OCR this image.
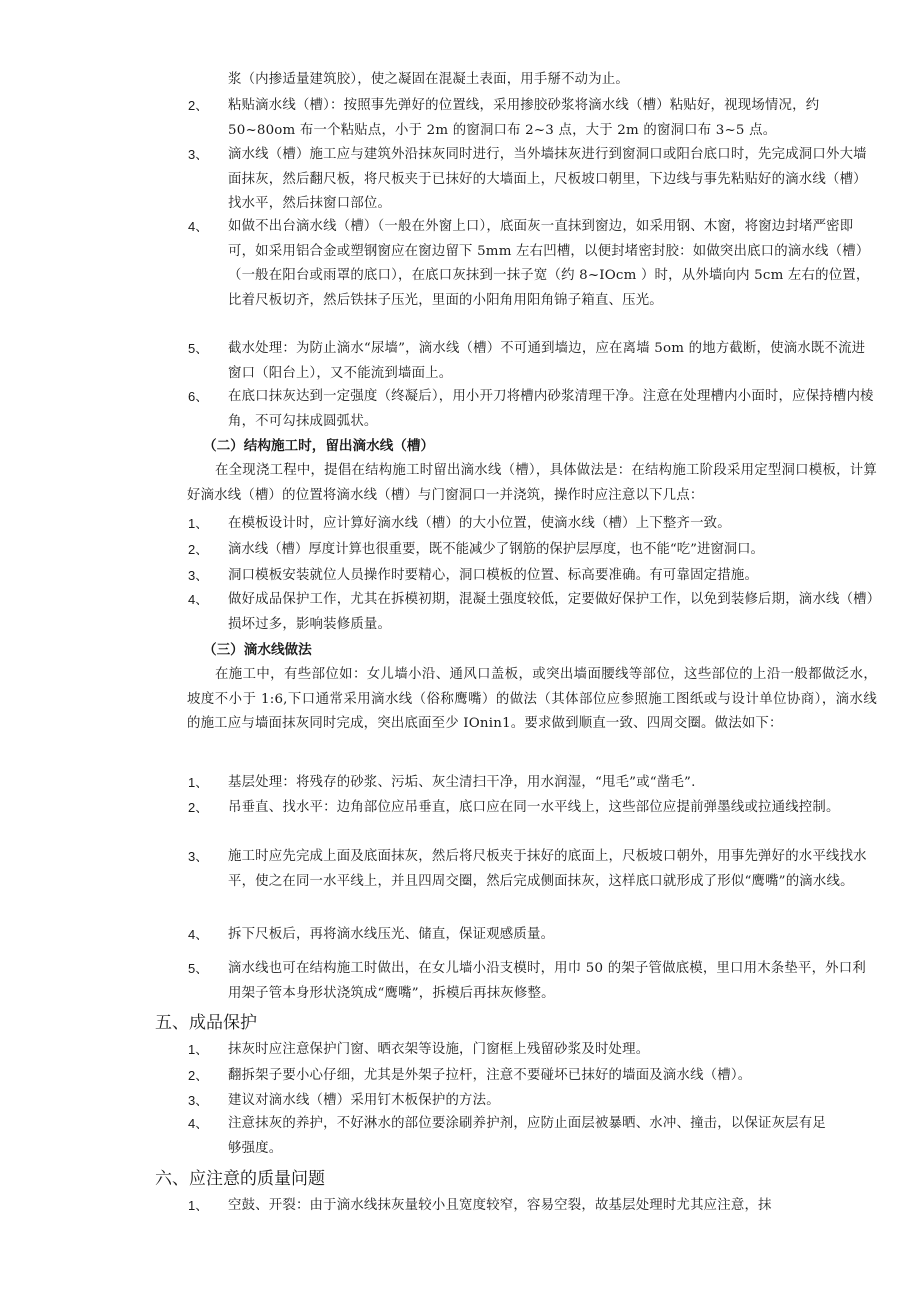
浆（内掺适量建筑胶），使之凝固在混凝土表面，用手掰不动为止。
2、 粘贴滴水线（槽）：按照事先弹好的位置线，采用掺胶砂浆将滴水线（槽）粘贴好，视现场情况，约 50~80om 布一个粘贴点，小于 2m 的窗洞口布 2~3 点，大于 2m 的窗洞口布 3~5 点。
3、 滴水线（槽）施工应与建筑外沿抹灰同时进行，当外墙抹灰进行到窗洞口或阳台底口时，先完成洞口外大墙面抹灰，然后翻尺板，将尺板夹于已抹好的大墙面上，尺板坡口朝里，下边线与事先粘贴好的滴水线（槽）找水平，然后抹窗口部位。
4、 如做不出台滴水线（槽）（一般在外窗上口），底面灰一直抹到窗边，如采用钢、木窗，将窗边封堵严密即可，如采用铝合金或塑钢窗应在窗边留下 5mm 左右凹槽，以便封堵密封胶：如做突出底口的滴水线（槽）（一般在阳台或雨罩的底口），在底口灰抹到一抹子宽（约 8~IOcm ）时，从外墙向内 5cm 左右的位置，比着尺板切齐，然后铁抹子压光，里面的小阳角用阳角锦子箱直、压光。
5、 截水处理：为防止滴水“尿墙”，滴水线（槽）不可通到墙边，应在离墙 5om 的地方截断，使滴水既不流进窗口（阳台上），又不能流到墙面上。
6、 在底口抹灰达到一定强度（终凝后），用小开刀将槽内砂浆清理干净。注意在处理槽内小面时，应保持槽内棱角，不可勾抹成圆弧状。
（二）结构施工时，留出滴水线（槽）
在全现浇工程中，提倡在结构施工时留出滴水线（槽），具体做法是：在结构施工阶段采用定型洞口模板，计算好滴水线（槽）的位置将滴水线（槽）与门窗洞口一并浇筑，操作时应注意以下几点：
1、 在模板设计时，应计算好滴水线（槽）的大小位置，使滴水线（槽）上下整齐一致。
2、 滴水线（槽）厚度计算也很重要，既不能减少了钢筋的保护层厚度，也不能“吃”进窗洞口。
3、 洞口模板安装就位人员操作时要精心，洞口模板的位置、标高要准确。有可靠固定措施。
4、 做好成品保护工作，尤其在拆模初期，混凝土强度较低，定要做好保护工作，以免到装修后期，滴水线（槽）损坏过多，影响装修质量。
（三）滴水线做法
在施工中，有些部位如：女儿墙小沿、通风口盖板，或突出墙面腰线等部位，这些部位的上沿一般都做泛水，坡度不小于 1:6,下口通常采用滴水线（俗称鹰嘴）的做法（其体部位应参照施工图纸或与设计单位协商），滴水线的施工应与墙面抹灰同时完成，突出底面至少 IOnin1。要求做到顺直一致、四周交圈。做法如下：
1、 基层处理：将残存的砂浆、污垢、灰尘清扫干净，用水润湿，“甩毛”或“凿毛”.
2、 吊垂直、找水平：边角部位应吊垂直，底口应在同一水平线上，这些部位应提前弹墨线或拉通线控制。
3、 施工时应先完成上面及底面抹灰，然后将尺板夹于抹好的底面上，尺板坡口朝外，用事先弹好的水平线找水平，使之在同一水平线上，并且四周交圈，然后完成侧面抹灰，这样底口就形成了形似“鹰嘴”的滴水线。
4、 拆下尺板后，再将滴水线压光、储直，保证观感质量。
5、 滴水线也可在结构施工时做出，在女儿墙小沿支模时，用巾 50 的架子管做底模，里口用木条垫平，外口利用架子管本身形状浇筑成“鹰嘴”，拆模后再抹灰修整。
五、成品保护
1、 抹灰时应注意保护门窗、晒衣架等设施，门窗框上残留砂浆及时处理。
2、 翻拆架子要小心仔细，尤其是外架子拉杆，注意不要碰坏已抹好的墙面及滴水线（槽）。
3、 建议对滴水线（槽）采用钉木板保护的方法。
4、 注意抹灰的养护，不好淋水的部位要涂刷养护剂，应防止面层被暴晒、水冲、撞击，以保证灰层有足够强度。
六、应注意的质量问题
1、 空鼓、开裂：由于滴水线抹灰量较小且宽度较窄，容易空裂，故基层处理时尤其应注意，抹
